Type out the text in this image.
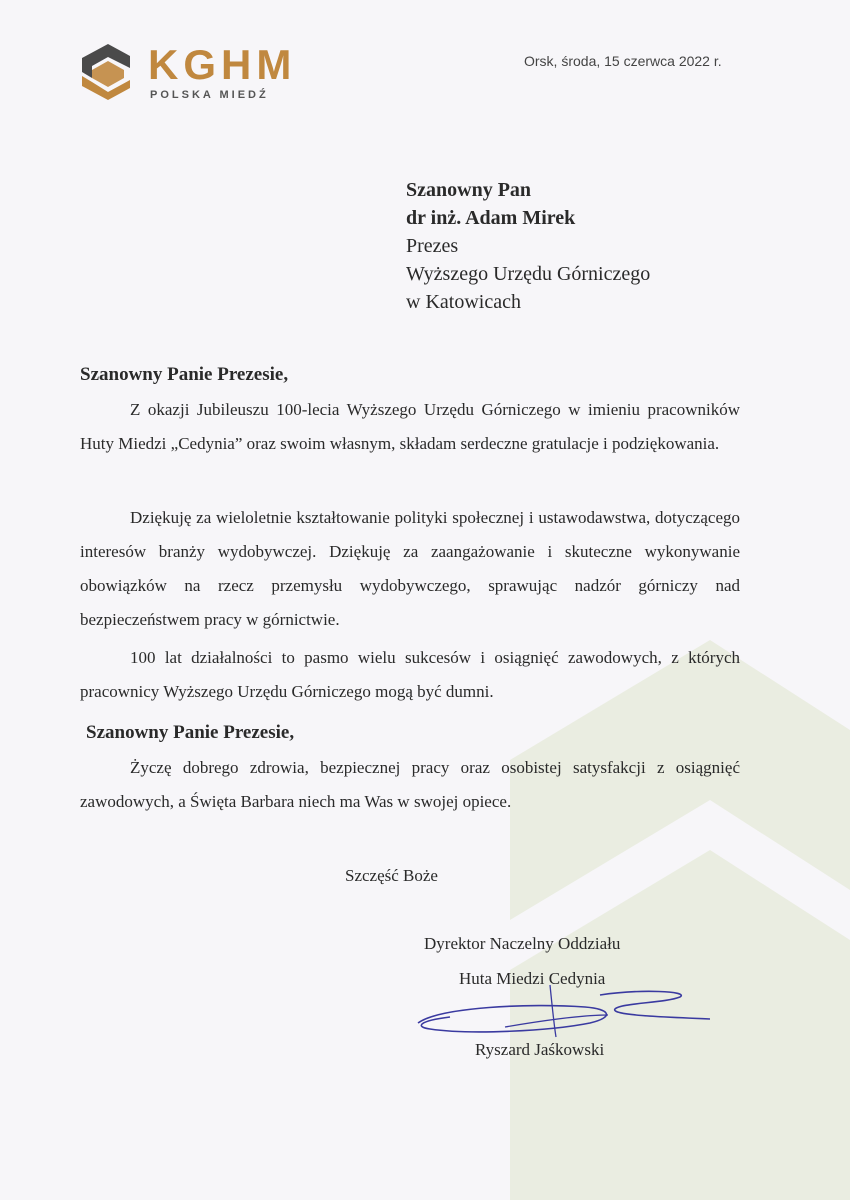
KGHM
POLSKA MIEDŹ
Orsk, środa, 15 czerwca 2022 r.
Szanowny Pan
dr inż. Adam Mirek
Prezes
Wyższego Urzędu Górniczego
w Katowicach
Szanowny Panie Prezesie,

Z okazji Jubileuszu 100-lecia Wyższego Urzędu Górniczego w imieniu pracowników Huty Miedzi „Cedynia” oraz swoim własnym, składam serdeczne gratulacje i podziękowania.

Dziękuję za wieloletnie kształtowanie polityki społecznej i ustawodawstwa, dotyczącego interesów branży wydobywczej. Dziękuję za zaangażowanie i skuteczne wykonywanie obowiązków na rzecz przemysłu wydobywczego, sprawując nadzór górniczy nad bezpieczeństwem pracy w górnictwie.

100 lat działalności to pasmo wielu sukcesów i osiągnięć zawodowych, z których pracownicy Wyższego Urzędu Górniczego mogą być dumni.

Szanowny Panie Prezesie,

Życzę dobrego zdrowia, bezpiecznej pracy oraz osobistej satysfakcji z osiągnięć zawodowych, a Święta Barbara niech ma Was w swojej opiece.

Szczęść Boże
Dyrektor Naczelny Oddziału
Huta Miedzi Cedynia
Ryszard Jaśkowski
